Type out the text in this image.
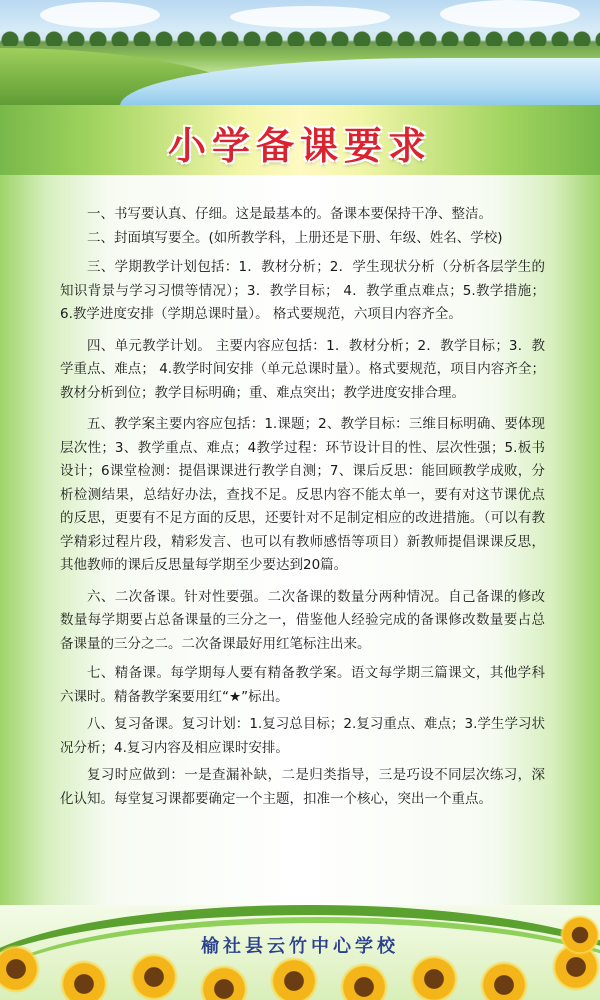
小学备课要求

一、书写要认真、仔细。这是最基本的。备课本要保持干净、整洁。

二、封面填写要全。(如所教学科，上册还是下册、年级、姓名、学校)

三、学期教学计划包括：1．教材分析；2．学生现状分析（分析各层学生的知识背景与学习习惯等情况）；3．教学目标； 4．教学重点难点；5.教学措施；6.教学进度安排（学期总课时量）。 格式要规范，六项目内容齐全。

四、单元教学计划。 主要内容应包括：1．教材分析；2．教学目标；3．教学重点、难点； 4.教学时间安排（单元总课时量）。格式要规范，项目内容齐全；教材分析到位；教学目标明确；重、难点突出；教学进度安排合理。

五、教学案主要内容应包括：1.课题；2、教学目标：三维目标明确、要体现层次性；3、教学重点、难点；4教学过程：环节设计目的性、层次性强；5.板书设计；6课堂检测：提倡课课进行教学自测；7、课后反思：能回顾教学成败，分析检测结果，总结好办法，查找不足。反思内容不能太单一，要有对这节课优点的反思，更要有不足方面的反思，还要针对不足制定相应的改进措施。（可以有教学精彩过程片段，精彩发言、也可以有教师感悟等项目）新教师提倡课课反思，其他教师的课后反思量每学期至少要达到20篇。

六、二次备课。针对性要强。二次备课的数量分两种情况。自己备课的修改数量每学期要占总备课量的三分之一，借鉴他人经验完成的备课修改数量要占总备课量的三分之二。二次备课最好用红笔标注出来。

七、精备课。每学期每人要有精备教学案。语文每学期三篇课文，其他学科六课时。精备教学案要用红“★”标出。

八、复习备课。复习计划：1.复习总目标；2.复习重点、难点；3.学生学习状况分析；4.复习内容及相应课时安排。

复习时应做到：一是查漏补缺，二是归类指导，三是巧设不同层次练习，深化认知。每堂复习课都要确定一个主题，扣准一个核心，突出一个重点。

榆社县云竹中心学校
